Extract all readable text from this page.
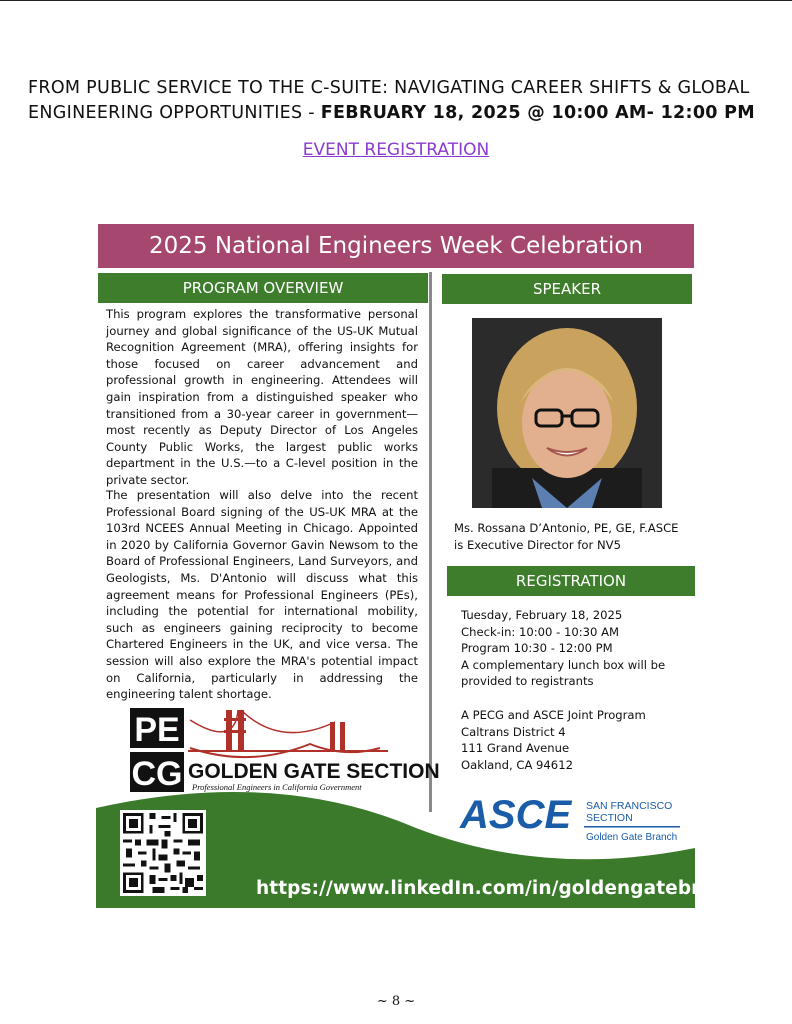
FROM PUBLIC SERVICE TO THE C-SUITE: NAVIGATING CAREER SHIFTS & GLOBAL ENGINEERING OPPORTUNITIES - FEBRUARY 18, 2025 @ 10:00 AM- 12:00 PM
EVENT REGISTRATION
2025 National Engineers Week Celebration
PROGRAM OVERVIEW	SPEAKER
This program explores the transformative personal journey and global significance of the US-UK Mutual Recognition Agreement (MRA), offering insights for those focused on career advancement and professional growth in engineering. Attendees will gain inspiration from a distinguished speaker who transitioned from a 30-year career in government—most recently as Deputy Director of Los Angeles County Public Works, the largest public works department in the U.S.—to a C-level position in the private sector.
The presentation will also delve into the recent Professional Board signing of the US-UK MRA at the 103rd NCEES Annual Meeting in Chicago. Appointed in 2020 by California Governor Gavin Newsom to the Board of Professional Engineers, Land Surveyors, and Geologists, Ms. D'Antonio will discuss what this agreement means for Professional Engineers (PEs), including the potential for international mobility, such as engineers gaining reciprocity to become Chartered Engineers in the UK, and vice versa. The session will also explore the MRA's potential impact on California, particularly in addressing the engineering talent shortage.
Ms. Rossana D’Antonio, PE, GE, F.ASCE is Executive Director for NV5
REGISTRATION
Tuesday, February 18, 2025
Check-in: 10:00 - 10:30 AM
Program 10:30 - 12:00 PM
A complementary lunch box will be provided to registrants
A PECG and ASCE Joint Program
Caltrans District 4
111 Grand Avenue
Oakland, CA 94612
PE
CG GOLDEN GATE SECTION
Professional Engineers in California Government
ASCE SAN FRANCISCO
SECTION
Golden Gate Branch
https://www.linkedIn.com/in/goldengatebranch/
~ 8 ~
